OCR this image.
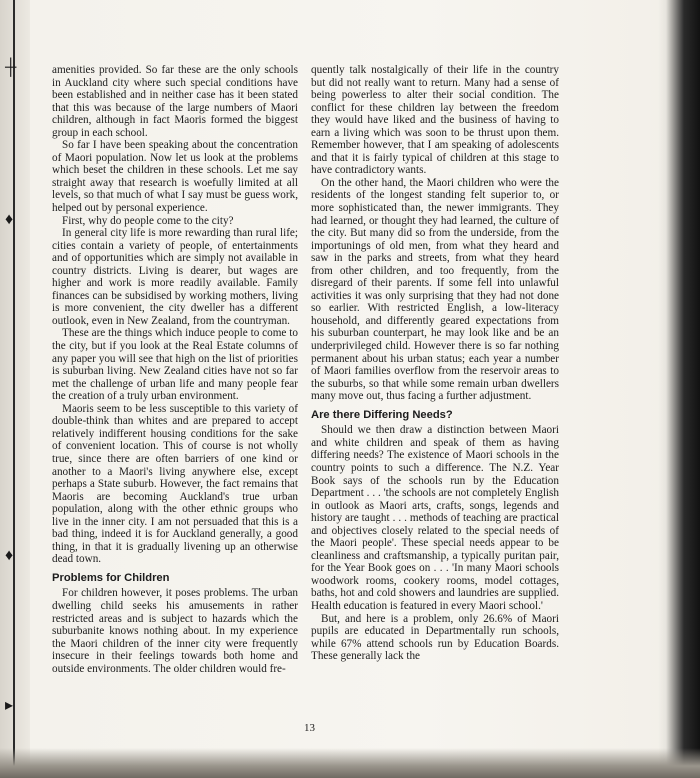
┼
♦
♦
▸

amenities provided. So far these are the only schools in Auckland city where such special conditions have been established and in neither case has it been stated that this was because of the large numbers of Maori children, although in fact Maoris formed the biggest group in each school.

So far I have been speaking about the concentration of Maori population. Now let us look at the problems which beset the children in these schools. Let me say straight away that research is woefully limited at all levels, so that much of what I say must be guess work, helped out by personal experience.

First, why do people come to the city?

In general city life is more rewarding than rural life; cities contain a variety of people, of entertainments and of opportunities which are simply not available in country districts. Living is dearer, but wages are higher and work is more readily available. Family finances can be subsidised by working mothers, living is more convenient, the city dweller has a different outlook, even in New Zealand, from the countryman.

These are the things which induce people to come to the city, but if you look at the Real Estate columns of any paper you will see that high on the list of priorities is suburban living. New Zealand cities have not so far met the challenge of urban life and many people fear the creation of a truly urban environment.

Maoris seem to be less susceptible to this variety of double-think than whites and are prepared to accept relatively indifferent housing conditions for the sake of convenient location. This of course is not wholly true, since there are often barriers of one kind or another to a Maori's living anywhere else, except perhaps a State suburb. However, the fact remains that Maoris are becoming Auckland's true urban population, along with the other ethnic groups who live in the inner city. I am not persuaded that this is a bad thing, indeed it is for Auckland generally, a good thing, in that it is gradually livening up an otherwise dead town.

Problems for Children

For children however, it poses problems. The urban dwelling child seeks his amusements in rather restricted areas and is subject to hazards which the suburbanite knows nothing about. In my experience the Maori children of the inner city were frequently insecure in their feelings towards both home and outside environments. The older children would fre-

quently talk nostalgically of their life in the country but did not really want to return. Many had a sense of being powerless to alter their social condition. The conflict for these children lay between the freedom they would have liked and the business of having to earn a living which was soon to be thrust upon them. Remember however, that I am speaking of adolescents and that it is fairly typical of children at this stage to have contradictory wants.

On the other hand, the Maori children who were the residents of the longest standing felt superior to, or more sophisticated than, the newer immigrants. They had learned, or thought they had learned, the culture of the city. But many did so from the underside, from the importunings of old men, from what they heard and saw in the parks and streets, from what they heard from other children, and too frequently, from the disregard of their parents. If some fell into unlawful activities it was only surprising that they had not done so earlier. With restricted English, a low-literacy household, and differently geared expectations from his suburban counterpart, he may look like and be an underprivileged child. However there is so far nothing permanent about his urban status; each year a number of Maori families overflow from the reservoir areas to the suburbs, so that while some remain urban dwellers many move out, thus facing a further adjustment.

Are there Differing Needs?

Should we then draw a distinction between Maori and white children and speak of them as having differing needs? The existence of Maori schools in the country points to such a difference. The N.Z. Year Book says of the schools run by the Education Department . . . 'the schools are not completely English in outlook as Maori arts, crafts, songs, legends and history are taught . . . methods of teaching are practical and objectives closely related to the special needs of the Maori people'. These special needs appear to be cleanliness and craftsmanship, a typically puritan pair, for the Year Book goes on . . . 'In many Maori schools woodwork rooms, cookery rooms, model cottages, baths, hot and cold showers and laundries are supplied. Health education is featured in every Maori school.'

But, and here is a problem, only 26.6% of Maori pupils are educated in Departmentally run schools, while 67% attend schools run by Education Boards. These generally lack the

13
